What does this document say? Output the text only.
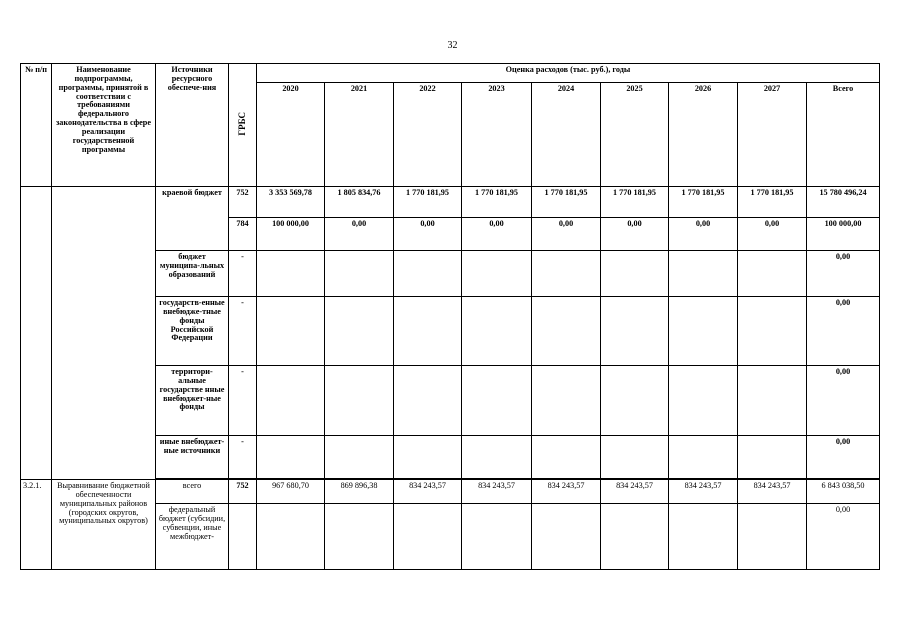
32
№ п/п	Наименование подпрограммы, программы, принятой в соответствии с требованиями федерального законодательства в сфере реализации государственной программы	Источники ресурсного обеспече-ния	ГРБС	Оценка расходов (тыс. руб.), годы								
				2020	2021	2022	2023	2024	2025	2026	2027	Всего
		краевой бюджет	752	3 353 569,78	1 805 834,76	1 770 181,95	1 770 181,95	1 770 181,95	1 770 181,95	1 770 181,95	1 770 181,95	15 780 496,24
			784	100 000,00	0,00	0,00	0,00	0,00	0,00	0,00	0,00	100 000,00
		бюджет муниципа-льных образований	-									0,00
		государств-енные внебюдже-тные фонды Российской Федерации	-									0,00
		территори-альные государстве нные внебюджет-ные фонды	-									0,00
		иные внебюджет-ные источники	-									0,00

3.2.1.	Выравнивание бюджетной обеспеченности муниципальных районов (городских округов, муниципальных округов)	всего	752	967 680,70	869 896,38	834 243,57	834 243,57	834 243,57	834 243,57	834 243,57	834 243,57	6 843 038,50
		федеральный бюджет (субсидии, субвенции, иные межбюджет-										0,00
